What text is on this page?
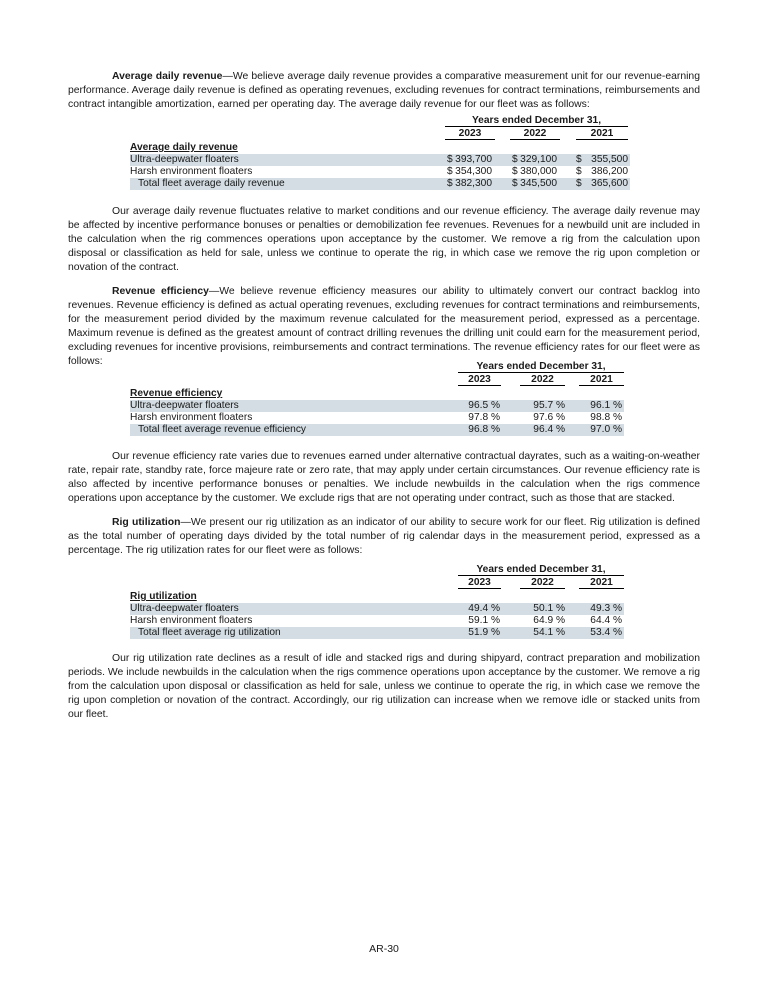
Average daily revenue—We believe average daily revenue provides a comparative measurement unit for our revenue-earning performance. Average daily revenue is defined as operating revenues, excluding revenues for contract terminations, reimbursements and contract intangible amortization, earned per operating day. The average daily revenue for our fleet was as follows:

Years ended December 31,
2023	2022	2021
Average daily revenue
Ultra-deepwater floaters	$ 393,700 $ 329,100 $ 355,500
Harsh environment floaters	$ 354,300 $ 380,000 $ 386,200
Total fleet average daily revenue	$ 382,300 $ 345,500 $ 365,600

Our average daily revenue fluctuates relative to market conditions and our revenue efficiency. The average daily revenue may be affected by incentive performance bonuses or penalties or demobilization fee revenues. Revenues for a newbuild unit are included in the calculation when the rig commences operations upon acceptance by the customer. We remove a rig from the calculation upon disposal or classification as held for sale, unless we continue to operate the rig, in which case we remove the rig upon completion or novation of the contract.

Revenue efficiency—We believe revenue efficiency measures our ability to ultimately convert our contract backlog into revenues. Revenue efficiency is defined as actual operating revenues, excluding revenues for contract terminations and reimbursements, for the measurement period divided by the maximum revenue calculated for the measurement period, expressed as a percentage. Maximum revenue is defined as the greatest amount of contract drilling revenues the drilling unit could earn for the measurement period, excluding revenues for incentive provisions, reimbursements and contract terminations. The revenue efficiency rates for our fleet were as follows:	Years ended December 31,
2023	2022	2021
Revenue efficiency
Ultra-deepwater floaters	96.5 %	95.7 % 96.1 %
Harsh environment floaters	97.8 %	97.6 % 98.8 %
Total fleet average revenue efficiency	96.8 %	96.4 % 97.0 %

Our revenue efficiency rate varies due to revenues earned under alternative contractual dayrates, such as a waiting-on-weather rate, repair rate, standby rate, force majeure rate or zero rate, that may apply under certain circumstances. Our revenue efficiency rate is also affected by incentive performance bonuses or penalties. We include newbuilds in the calculation when the rigs commence operations upon acceptance by the customer. We exclude rigs that are not operating under contract, such as those that are stacked.

Rig utilization—We present our rig utilization as an indicator of our ability to secure work for our fleet. Rig utilization is defined as the total number of operating days divided by the total number of rig calendar days in the measurement period, expressed as a percentage. The rig utilization rates for our fleet were as follows:

Years ended December 31,
2023	2022	2021
Rig utilization
Ultra-deepwater floaters	49.4 %	50.1 % 49.3 %
Harsh environment floaters	59.1 %	64.9 % 64.4 %
Total fleet average rig utilization	51.9 %	54.1 % 53.4 %

Our rig utilization rate declines as a result of idle and stacked rigs and during shipyard, contract preparation and mobilization periods. We include newbuilds in the calculation when the rigs commence operations upon acceptance by the customer. We remove a rig from the calculation upon disposal or classification as held for sale, unless we continue to operate the rig, in which case we remove the rig upon completion or novation of the contract. Accordingly, our rig utilization can increase when we remove idle or stacked units from our fleet.

AR-30
